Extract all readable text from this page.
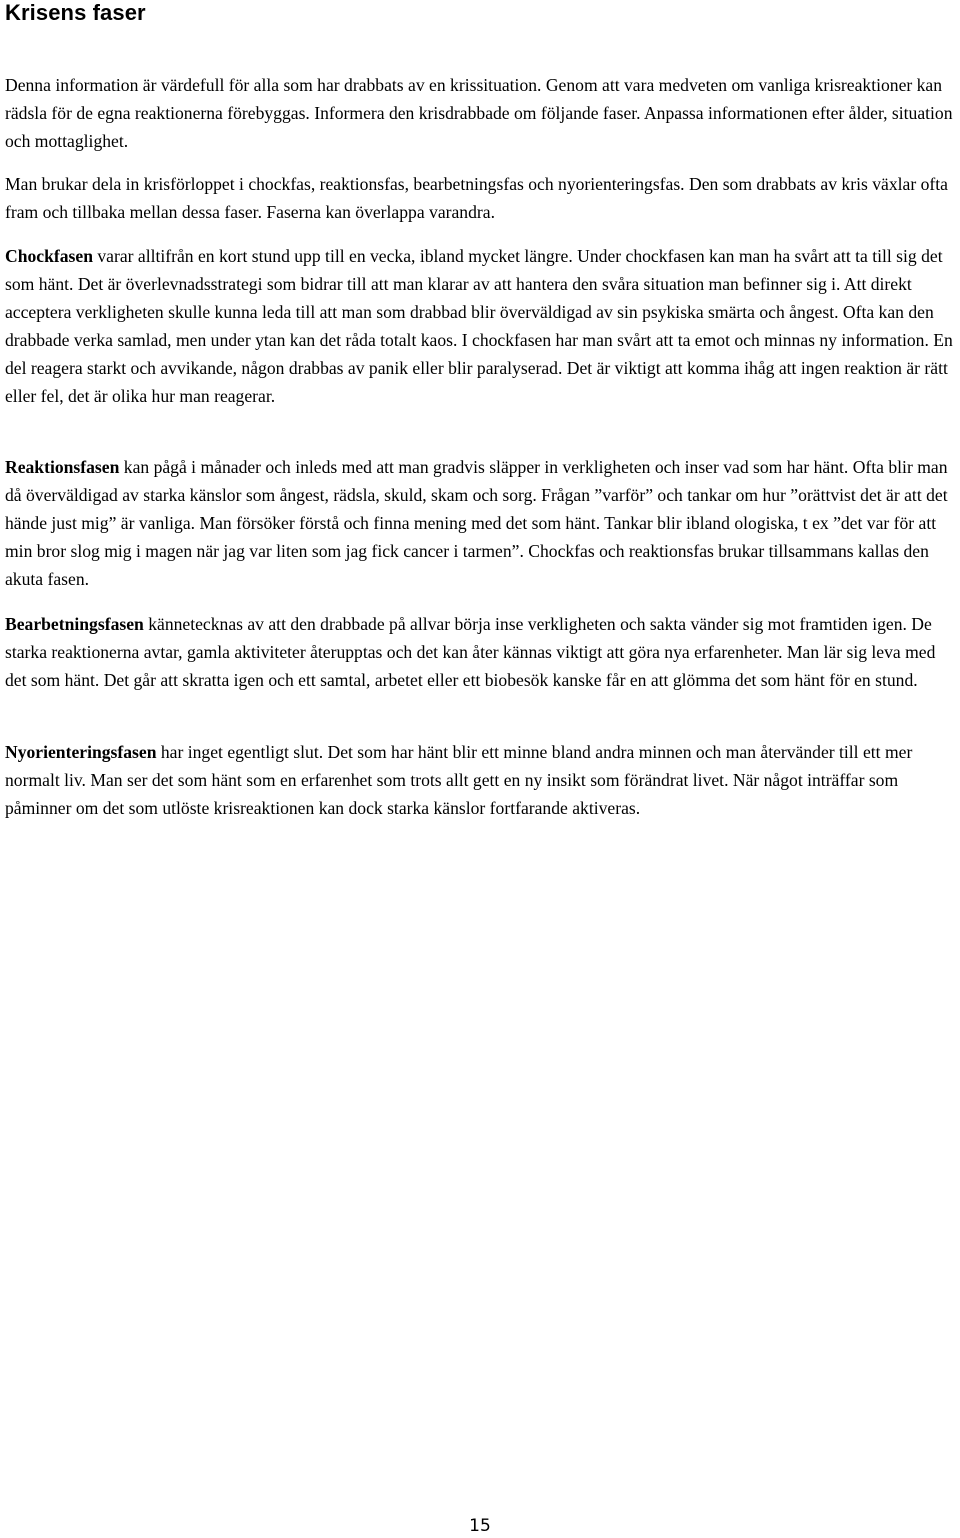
Krisens faser

Denna information är värdefull för alla som har drabbats av en krissituation. Genom att vara medveten om vanliga krisreaktioner kan rädsla för de egna reaktionerna förebyggas. Informera den krisdrabbade om följande faser. Anpassa informationen efter ålder, situation och mottaglighet.

Man brukar dela in krisförloppet i chockfas, reaktionsfas, bearbetningsfas och nyorienteringsfas. Den som drabbats av kris växlar ofta fram och tillbaka mellan dessa faser. Faserna kan överlappa varandra.

Chockfasen varar alltifrån en kort stund upp till en vecka, ibland mycket längre. Under chockfasen kan man ha svårt att ta till sig det som hänt. Det är överlevnadsstrategi som bidrar till att man klarar av att hantera den svåra situation man befinner sig i. Att direkt acceptera verkligheten skulle kunna leda till att man som drabbad blir överväldigad av sin psykiska smärta och ångest. Ofta kan den drabbade verka samlad, men under ytan kan det råda totalt kaos. I chockfasen har man svårt att ta emot och minnas ny information. En del reagera starkt och avvikande, någon drabbas av panik eller blir paralyserad. Det är viktigt att komma ihåg att ingen reaktion är rätt eller fel, det är olika hur man reagerar.

Reaktionsfasen kan pågå i månader och inleds med att man gradvis släpper in verkligheten och inser vad som har hänt. Ofta blir man då överväldigad av starka känslor som ångest, rädsla, skuld, skam och sorg. Frågan ”varför” och tankar om hur ”orättvist det är att det hände just mig” är vanliga. Man försöker förstå och finna mening med det som hänt. Tankar blir ibland ologiska, t ex ”det var för att min bror slog mig i magen när jag var liten som jag fick cancer i tarmen”. Chockfas och reaktionsfas brukar tillsammans kallas den akuta fasen.

Bearbetningsfasen kännetecknas av att den drabbade på allvar börja inse verkligheten och sakta vänder sig mot framtiden igen. De starka reaktionerna avtar, gamla aktiviteter återupptas och det kan åter kännas viktigt att göra nya erfarenheter. Man lär sig leva med det som hänt. Det går att skratta igen och ett samtal, arbetet eller ett biobesök kanske får en att glömma det som hänt för en stund.

Nyorienteringsfasen har inget egentligt slut. Det som har hänt blir ett minne bland andra minnen och man återvänder till ett mer normalt liv. Man ser det som hänt som en erfarenhet som trots allt gett en ny insikt som förändrat livet. När något inträffar som påminner om det som utlöste krisreaktionen kan dock starka känslor fortfarande aktiveras.

15
